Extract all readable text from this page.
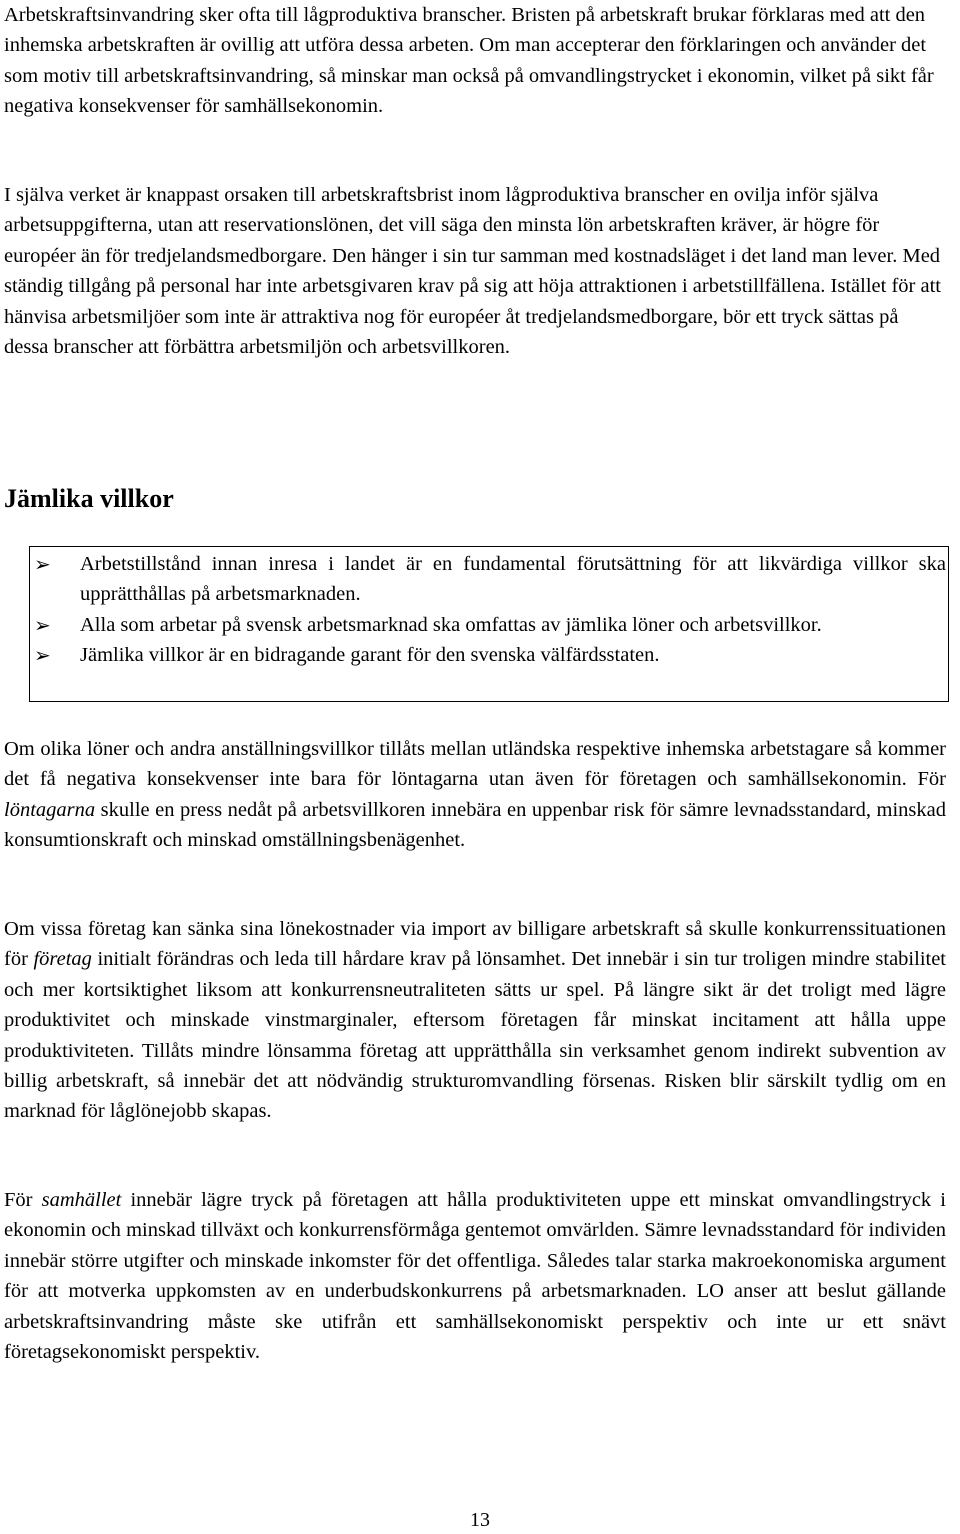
Arbetskraftsinvandring sker ofta till lågproduktiva branscher. Bristen på arbetskraft brukar förklaras med att den inhemska arbetskraften är ovillig att utföra dessa arbeten. Om man accepterar den förklaringen och använder det som motiv till arbetskraftsinvandring, så minskar man också på omvandlingstrycket i ekonomin, vilket på sikt får negativa konsekvenser för samhällsekonomin.

I själva verket är knappast orsaken till arbetskraftsbrist inom lågproduktiva branscher en ovilja inför själva arbetsuppgifterna, utan att reservationslönen, det vill säga den minsta lön arbetskraften kräver, är högre för européer än för tredjelandsmedborgare. Den hänger i sin tur samman med kostnadsläget i det land man lever. Med ständig tillgång på personal har inte arbetsgivaren krav på sig att höja attraktionen i arbetstillfällena. Istället för att hänvisa arbetsmiljöer som inte är attraktiva nog för européer åt tredjelandsmedborgare, bör ett tryck sättas på dessa branscher att förbättra arbetsmiljön och arbetsvillkoren.

Jämlika villkor
➢	Arbetstillstånd innan inresa i landet är en fundamental förutsättning för att likvärdiga villkor ska upprätthållas på arbetsmarknaden.
➢	Alla som arbetar på svensk arbetsmarknad ska omfattas av jämlika löner och arbetsvillkor.
➢	Jämlika villkor är en bidragande garant för den svenska välfärdsstaten.

Om olika löner och andra anställningsvillkor tillåts mellan utländska respektive inhemska arbetstagare så kommer det få negativa konsekvenser inte bara för löntagarna utan även för företagen och samhällsekonomin. För löntagarna skulle en press nedåt på arbetsvillkoren innebära en uppenbar risk för sämre levnadsstandard, minskad konsumtionskraft och minskad omställningsbenägenhet.

Om vissa företag kan sänka sina lönekostnader via import av billigare arbetskraft så skulle konkurrenssituationen för företag initialt förändras och leda till hårdare krav på lönsamhet. Det innebär i sin tur troligen mindre stabilitet och mer kortsiktighet liksom att konkurrensneutraliteten sätts ur spel. På längre sikt är det troligt med lägre produktivitet och minskade vinstmarginaler, eftersom företagen får minskat incitament att hålla uppe produktiviteten. Tillåts mindre lönsamma företag att upprätthålla sin verksamhet genom indirekt subvention av billig arbetskraft, så innebär det att nödvändig strukturomvandling försenas. Risken blir särskilt tydlig om en marknad för låglönejobb skapas.

För samhället innebär lägre tryck på företagen att hålla produktiviteten uppe ett minskat omvandlingstryck i ekonomin och minskad tillväxt och konkurrensförmåga gentemot omvärlden. Sämre levnadsstandard för individen innebär större utgifter och minskade inkomster för det offentliga. Således talar starka makroekonomiska argument för att motverka uppkomsten av en underbudskonkurrens på arbetsmarknaden. LO anser att beslut gällande arbetskraftsinvandring måste ske utifrån ett samhällsekonomiskt perspektiv och inte ur ett snävt företagsekonomiskt perspektiv.

13
